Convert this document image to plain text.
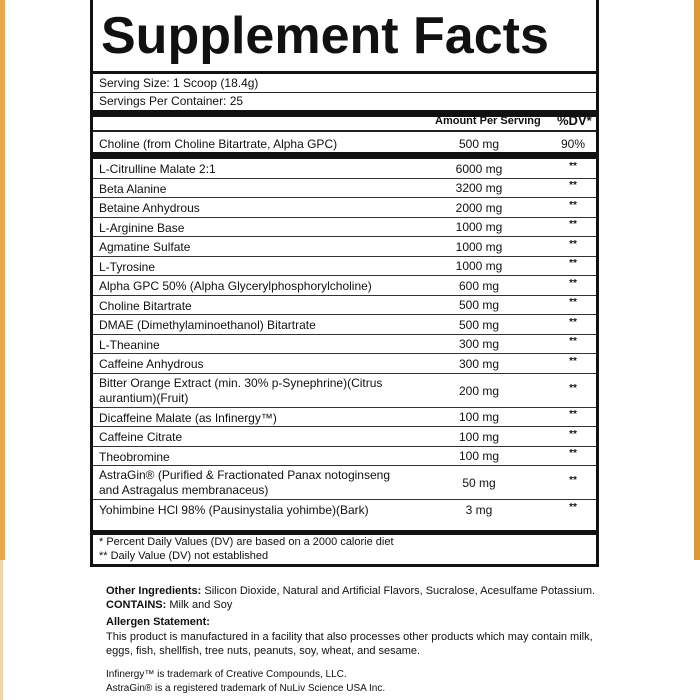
Supplement Facts
Serving Size: 1 Scoop (18.4g)
Servings Per Container: 25
Amount Per Serving %DV*
Choline (from Choline Bitartrate, Alpha GPC)	500 mg	90%
L-Citrulline Malate 2:1	6000 mg	**
Beta Alanine	3200 mg	**
Betaine Anhydrous	2000 mg	**
L-Arginine Base	1000 mg	**
Agmatine Sulfate	1000 mg	**
L-Tyrosine	1000 mg	**
Alpha GPC 50% (Alpha Glycerylphosphorylcholine)	600 mg	**
Choline Bitartrate	500 mg	**
DMAE (Dimethylaminoethanol) Bitartrate	500 mg	**
L-Theanine	300 mg	**
Caffeine Anhydrous	300 mg	**
Bitter Orange Extract (min. 30% p-Synephrine)(Citrus
aurantium)(Fruit)	200 mg	**
Dicaffeine Malate (as Infinergy™)	100 mg	**
Caffeine Citrate	100 mg	**
Theobromine	100 mg	**
AstraGin® (Purified & Fractionated Panax notoginseng
and Astragalus membranaceus)	50 mg	**
Yohimbine HCl 98% (Pausinystalia yohimbe)(Bark)	3 mg	**
* Percent Daily Values (DV) are based on a 2000 calorie diet
** Daily Value (DV) not established
Other Ingredients: Silicon Dioxide, Natural and Artificial Flavors, Sucralose, Acesulfame Potassium.
CONTAINS: Milk and Soy
Allergen Statement:
This product is manufactured in a facility that also processes other products which may contain milk,
eggs, fish, shellfish, tree nuts, peanuts, soy, wheat, and sesame.
Infinergy™ is trademark of Creative Compounds, LLC.
AstraGin® is a registered trademark of NuLiv Science USA Inc.
